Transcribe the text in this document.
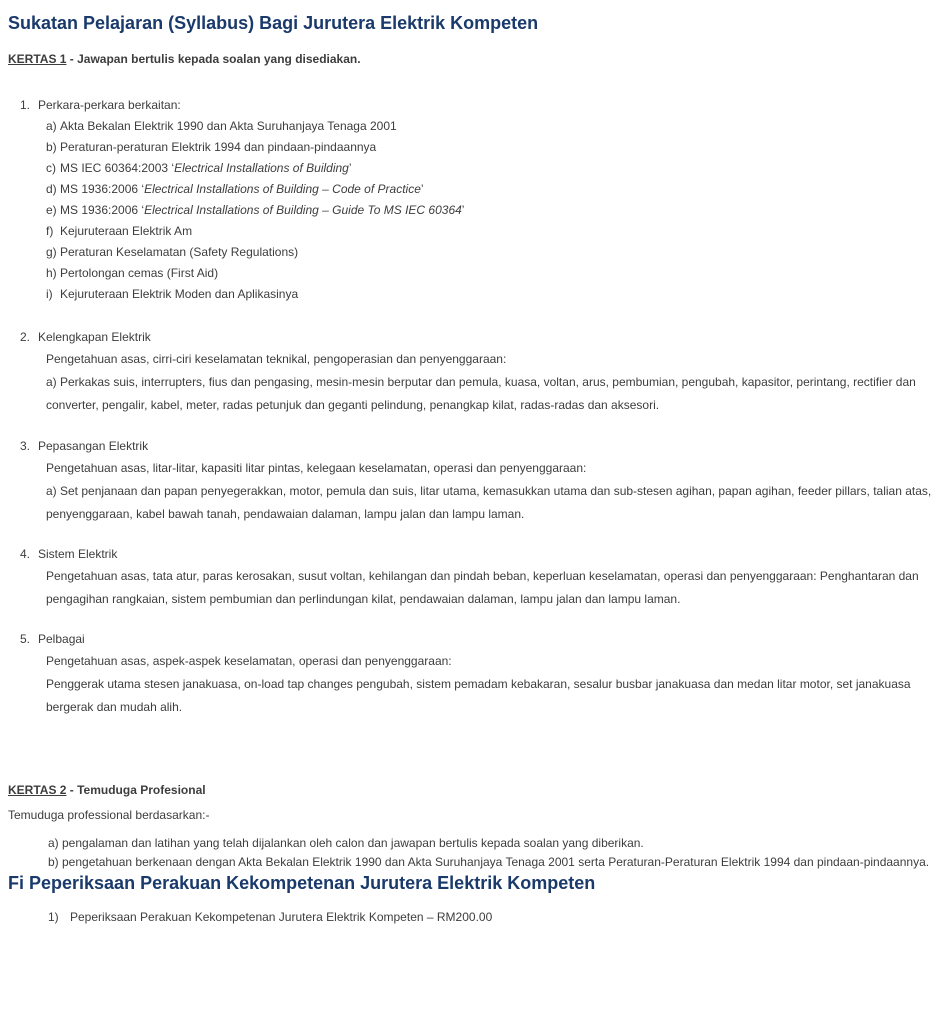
Sukatan Pelajaran (Syllabus) Bagi Jurutera Elektrik Kompeten

KERTAS 1 - Jawapan bertulis kepada soalan yang disediakan.

1. Perkara-perkara berkaitan:
a) Akta Bekalan Elektrik 1990 dan Akta Suruhanjaya Tenaga 2001
b) Peraturan-peraturan Elektrik 1994 dan pindaan-pindaannya
c) MS IEC 60364:2003 ‘Electrical Installations of Building’
d) MS 1936:2006 ‘Electrical Installations of Building – Code of Practice’
e) MS 1936:2006 ‘Electrical Installations of Building – Guide To MS IEC 60364’
f) Kejuruteraan Elektrik Am
g) Peraturan Keselamatan (Safety Regulations)
h) Pertolongan cemas (First Aid)
i) Kejuruteraan Elektrik Moden dan Aplikasinya
2. Kelengkapan Elektrik

Pengetahuan asas, cirri-ciri keselamatan teknikal, pengoperasian dan penyenggaraan:

a) Perkakas suis, interrupters, fius dan pengasing, mesin-mesin berputar dan pemula, kuasa, voltan, arus, pembumian, pengubah, kapasitor, perintang, rectifier dan converter, pengalir, kabel, meter, radas petunjuk dan geganti pelindung, penangkap kilat, radas-radas dan aksesori.

3. Pepasangan Elektrik

Pengetahuan asas, litar-litar, kapasiti litar pintas, kelegaan keselamatan, operasi dan penyenggaraan:

a) Set penjanaan dan papan penyegerakkan, motor, pemula dan suis, litar utama, kemasukkan utama dan sub-stesen agihan, papan agihan, feeder pillars, talian atas, penyenggaraan, kabel bawah tanah, pendawaian dalaman, lampu jalan dan lampu laman.

4. Sistem Elektrik

Pengetahuan asas, tata atur, paras kerosakan, susut voltan, kehilangan dan pindah beban, keperluan keselamatan, operasi dan penyenggaraan: Penghantaran dan pengagihan rangkaian, sistem pembumian dan perlindungan kilat, pendawaian dalaman, lampu jalan dan lampu laman.

5. Pelbagai

Pengetahuan asas, aspek-aspek keselamatan, operasi dan penyenggaraan:

Penggerak utama stesen janakuasa, on-load tap changes pengubah, sistem pemadam kebakaran, sesalur busbar janakuasa dan medan litar motor, set janakuasa bergerak dan mudah alih.

KERTAS 2 - Temuduga Profesional

Temuduga professional berdasarkan:-

a) pengalaman dan latihan yang telah dijalankan oleh calon dan jawapan bertulis kepada soalan yang diberikan.

b) pengetahuan berkenaan dengan Akta Bekalan Elektrik 1990 dan Akta Suruhanjaya Tenaga 2001 serta Peraturan-Peraturan Elektrik 1994 dan pindaan-pindaannya.

Fi Peperiksaan Perakuan Kekompetenan Jurutera Elektrik Kompeten
1) Peperiksaan Perakuan Kekompetenan Jurutera Elektrik Kompeten – RM200.00
